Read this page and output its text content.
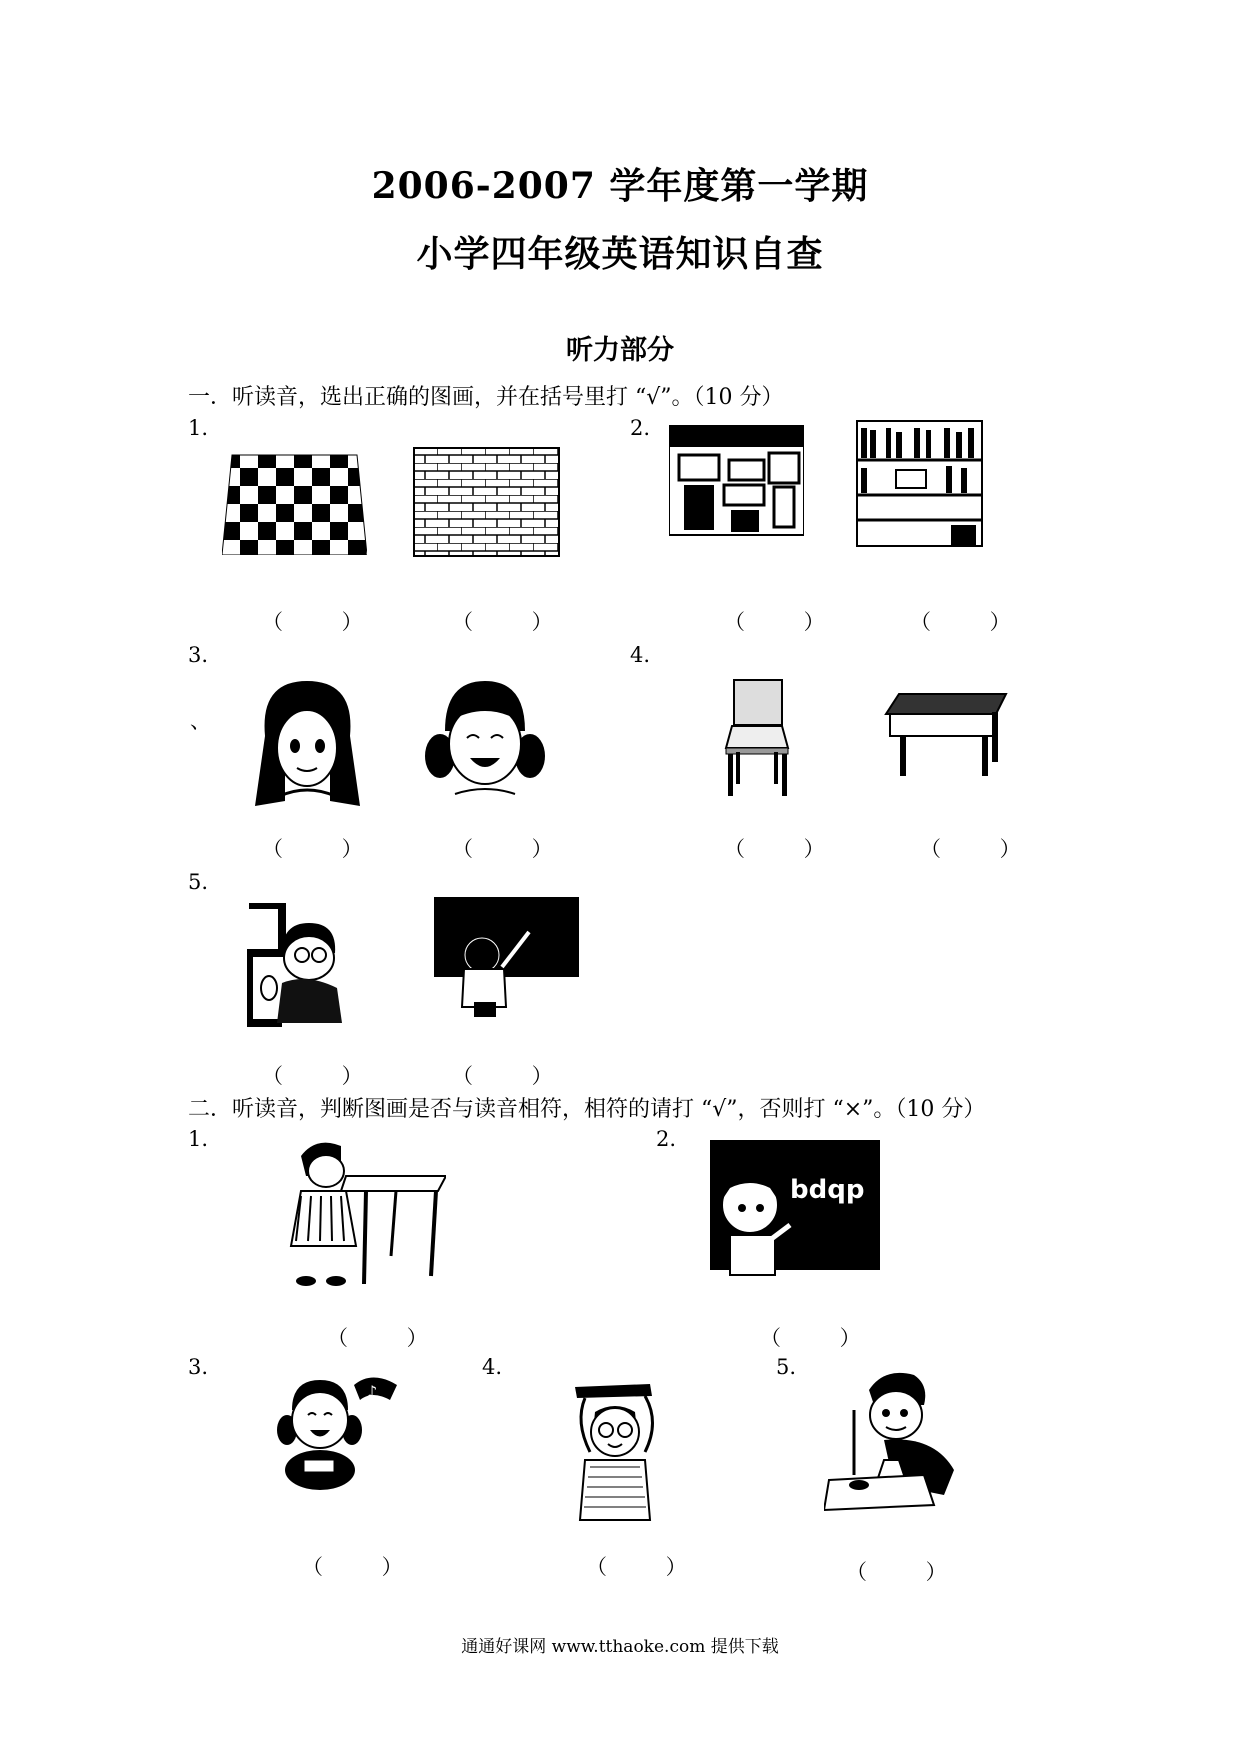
2006-2007 学年度第一学期
小学四年级英语知识自查
听力部分
一．听读音，选出正确的图画，并在括号里打 “√”。（10 分）
1.
（ ）	（ ）
2.
（ ）	（ ）
3.
、
（ ）	（ ）
4.
（ ）	（ ）
5.
（ ）	（ ）
二．听读音，判断图画是否与读音相符，相符的请打 “√”，否则打 “×”。（10 分）
1.
（ ）
2.
bdqp
（ ）
3.
♪
（ ）
4.
（ ）
5.
（ ）
通通好课网 www.tthaoke.com 提供下载
